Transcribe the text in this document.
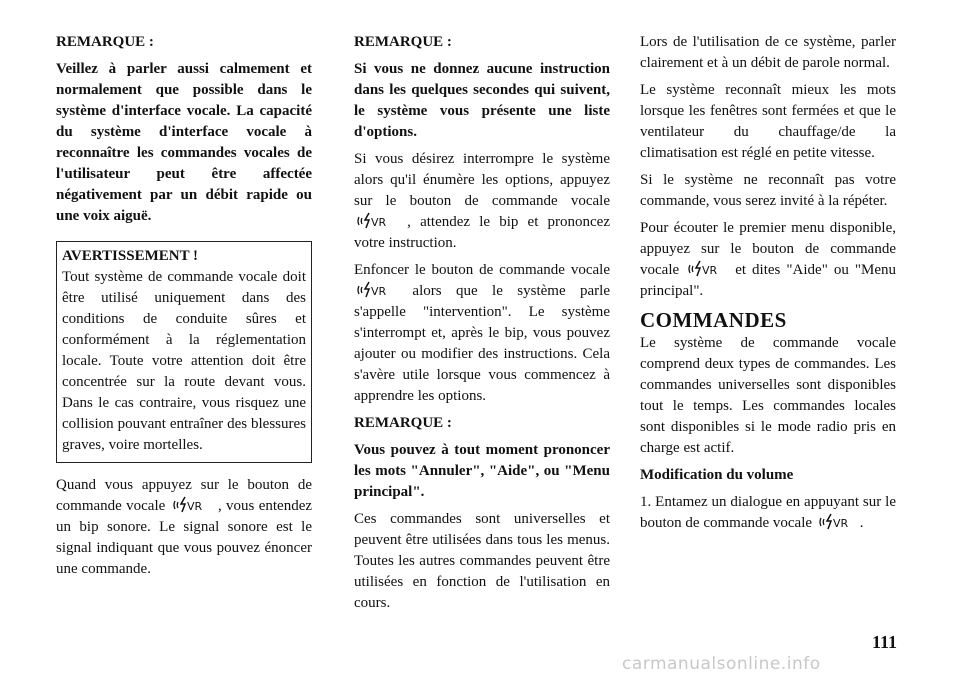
REMARQUE :

Veillez à parler aussi calmement et normalement que possible dans le système d'interface vocale. La capacité du système d'interface vocale à reconnaître les commandes vocales de l'utilisateur peut être affectée négativement par un débit rapide ou une voix aiguë.

AVERTISSEMENT !

Tout système de commande vocale doit être utilisé uniquement dans des conditions de conduite sûres et conformément à la réglementation locale. Toute votre attention doit être concentrée sur la route devant vous. Dans le cas contraire, vous risquez une collision pouvant entraîner des blessures graves, voire mortelles.

Quand vous appuyez sur le bouton de commande vocale VR , vous entendez un bip sonore. Le signal sonore est le signal indiquant que vous pouvez énoncer une commande.

REMARQUE :

Si vous ne donnez aucune instruction dans les quelques secondes qui suivent, le système vous présente une liste d'options.

Si vous désirez interrompre le système alors qu'il énumère les options, appuyez sur le bouton de commande vocale
VR , attendez le bip et prononcez votre instruction.

Enfoncer le bouton de commande vocale
VR alors que le système parle s'appelle "intervention". Le système s'interrompt et, après le bip, vous pouvez ajouter ou modifier des instructions. Cela s'avère utile lorsque vous commencez à apprendre les options.

REMARQUE :

Vous pouvez à tout moment prononcer les mots "Annuler", "Aide", ou "Menu principal".

Ces commandes sont universelles et peuvent être utilisées dans tous les menus. Toutes les autres commandes peuvent être utilisées en fonction de l'utilisation en cours.

Lors de l'utilisation de ce système, parler clairement et à un débit de parole normal.

Le système reconnaît mieux les mots lorsque les fenêtres sont fermées et que le ventilateur du chauffage/de la climatisation est réglé en petite vitesse.

Si le système ne reconnaît pas votre commande, vous serez invité à la répéter.

Pour écouter le premier menu disponible, appuyez sur le bouton de commande vocale VR et dites "Aide" ou "Menu principal".

COMMANDES

Le système de commande vocale comprend deux types de commandes. Les commandes universelles sont disponibles tout le temps. Les commandes locales sont disponibles si le mode radio pris en charge est actif.

Modification du volume

1. Entamez un dialogue en appuyant sur le bouton de commande vocale VR .

111
carmanualsonline.info
